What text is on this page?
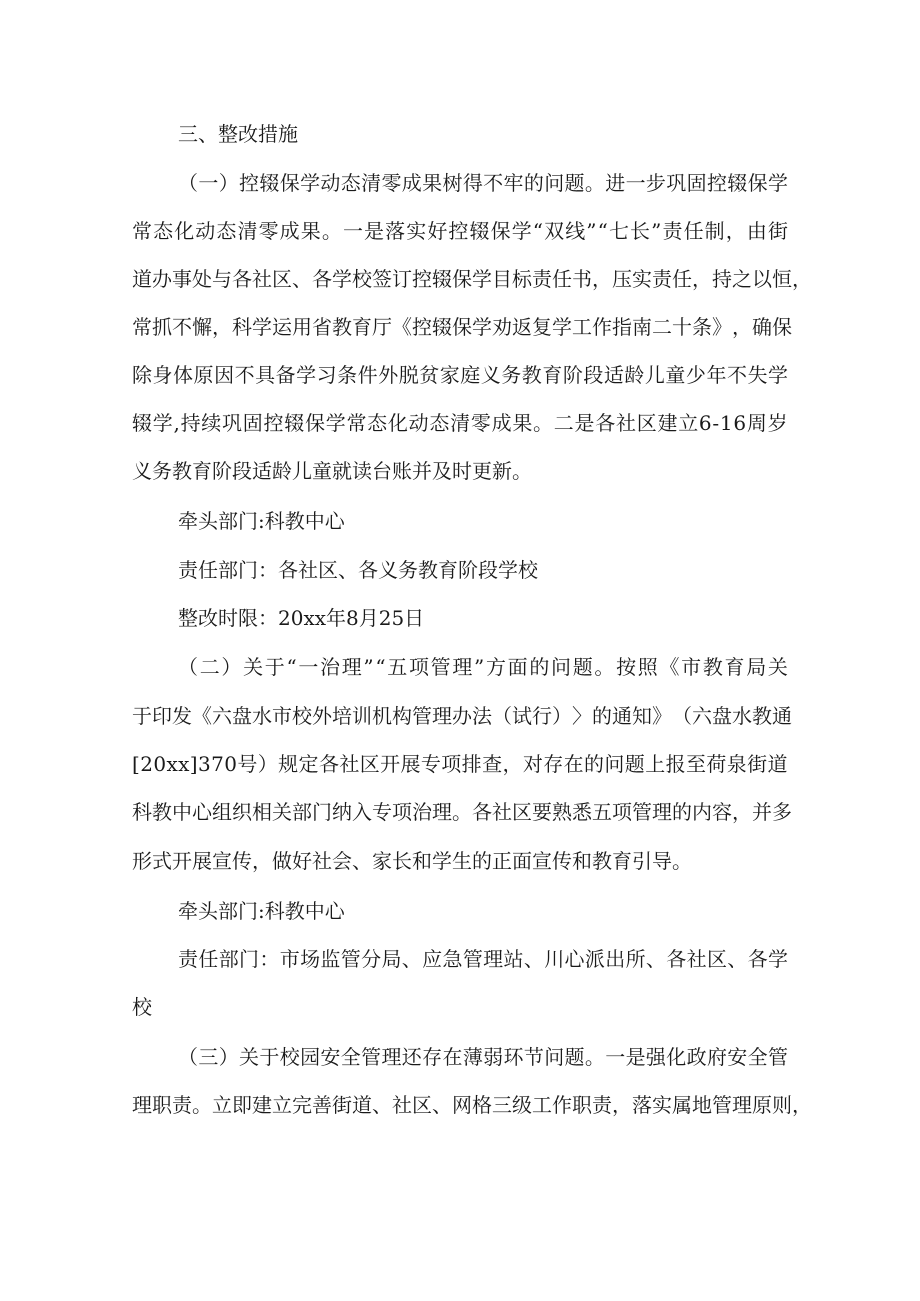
三、整改措施
（ 一 ） 控 辍 保 学 动 态 清 零 成 果 树 得 不 牢 的 问 题 。 进 一 步 巩 固 控 辍 保 学
常 态 化 动 态 清 零 成 果 。 一 是 落 实 好 控 辍 保 学 “ 双 线 ” “ 七 长 ” 责 任 制 ， 由 街
道 办 事 处 与 各 社 区 、 各 学 校 签 订 控 辍 保 学 目 标 责 任 书 ， 压 实 责 任 ， 持 之 以 恒 ，
常 抓 不 懈 ， 科 学 运 用 省 教 育 厅 《 控 辍 保 学 劝 返 复 学 工 作 指 南 二 十 条 》 ， 确 保
除 身 体 原 因 不 具 备 学 习 条 件 外 脱 贫 家 庭 义 务 教 育 阶 段 适 龄 儿 童 少 年 不 失 学
辍 学 , 持 续 巩 固 控 辍 保 学 常 态 化 动 态 清 零 成 果 。 二 是 各 社 区 建 立 6 - 1 6 周 岁
义务教育阶段适龄儿童就读台账并及时更新。
牵头部门:科教中心
责任部门：各社区、各义务教育阶段学校
整改时限：20xx年8月25日
（ 二 ） 关 于 “ 一 治 理 ” “ 五 项 管 理 ” 方 面 的 问 题 。 按 照 《 市 教 育 局 关
于 印 发 《 六 盘 水 市 校 外 培 训 机 构 管 理 办 法 （ 试 行 ） 〉 的 通 知 》 （ 六 盘 水 教 通
[ 2 0 x x ] 3 7 0 号 ） 规 定 各 社 区 开 展 专 项 排 查 ， 对 存 在 的 问 题 上 报 至 荷 泉 街 道
科 教 中 心 组 织 相 关 部 门 纳 入 专 项 治 理 。 各 社 区 要 熟 悉 五 项 管 理 的 内 容 ， 并 多
形式开展宣传，做好社会、家长和学生的正面宣传和教育引导。
牵头部门:科教中心
责 任 部 门 ： 市 场 监 管 分 局 、 应 急 管 理 站 、 川 心 派 出 所 、 各 社 区 、 各 学
校
（ 三 ） 关 于 校 园 安 全 管 理 还 存 在 薄 弱 环 节 问 题 。 一 是 强 化 政 府 安 全 管
理 职 责 。 立 即 建 立 完 善 街 道 、 社 区 、 网 格 三 级 工 作 职 责 ， 落 实 属 地 管 理 原 则 ，
